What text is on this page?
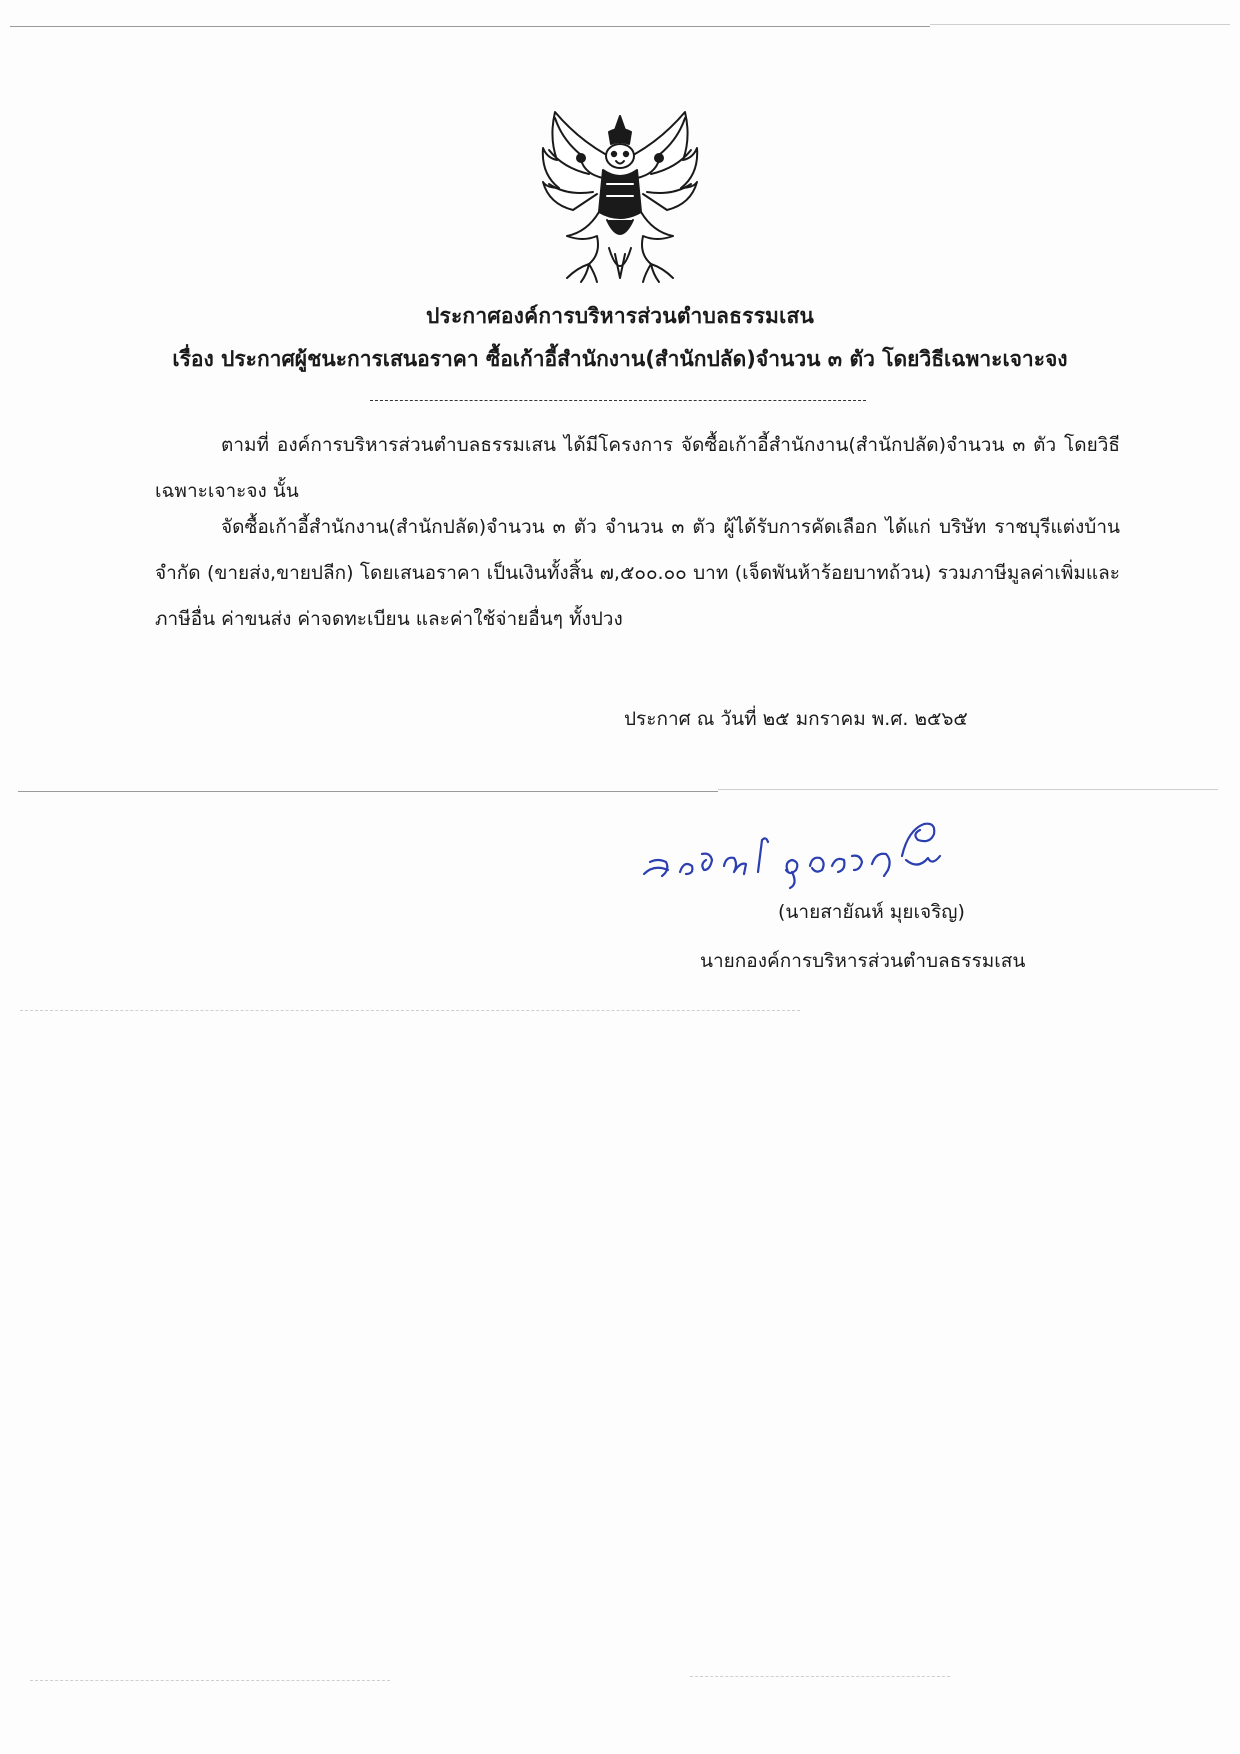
ประกาศองค์การบริหารส่วนตำบลธรรมเสน
เรื่อง ประกาศผู้ชนะการเสนอราคา ซื้อเก้าอี้สำนักงาน(สำนักปลัด)จำนวน ๓ ตัว โดยวิธีเฉพาะเจาะจง
ตามที่ องค์การบริหารส่วนตำบลธรรมเสน ได้มีโครงการ จัดซื้อเก้าอี้สำนักงาน(สำนักปลัด)จำนวน ๓ ตัว โดยวิธีเฉพาะเจาะจง นั้น
จัดซื้อเก้าอี้สำนักงาน(สำนักปลัด)จำนวน ๓ ตัว จำนวน ๓ ตัว ผู้ได้รับการคัดเลือก ได้แก่ บริษัท ราชบุรีแต่งบ้าน จำกัด (ขายส่ง,ขายปลีก) โดยเสนอราคา เป็นเงินทั้งสิ้น ๗,๕๐๐.๐๐ บาท (เจ็ดพันห้าร้อยบาทถ้วน) รวมภาษีมูลค่าเพิ่มและภาษีอื่น ค่าขนส่ง ค่าจดทะเบียน และค่าใช้จ่ายอื่นๆ ทั้งปวง
ประกาศ ณ วันที่ ๒๕ มกราคม พ.ศ. ๒๕๖๕
(นายสายัณห์ มุยเจริญ)
นายกองค์การบริหารส่วนตำบลธรรมเสน
